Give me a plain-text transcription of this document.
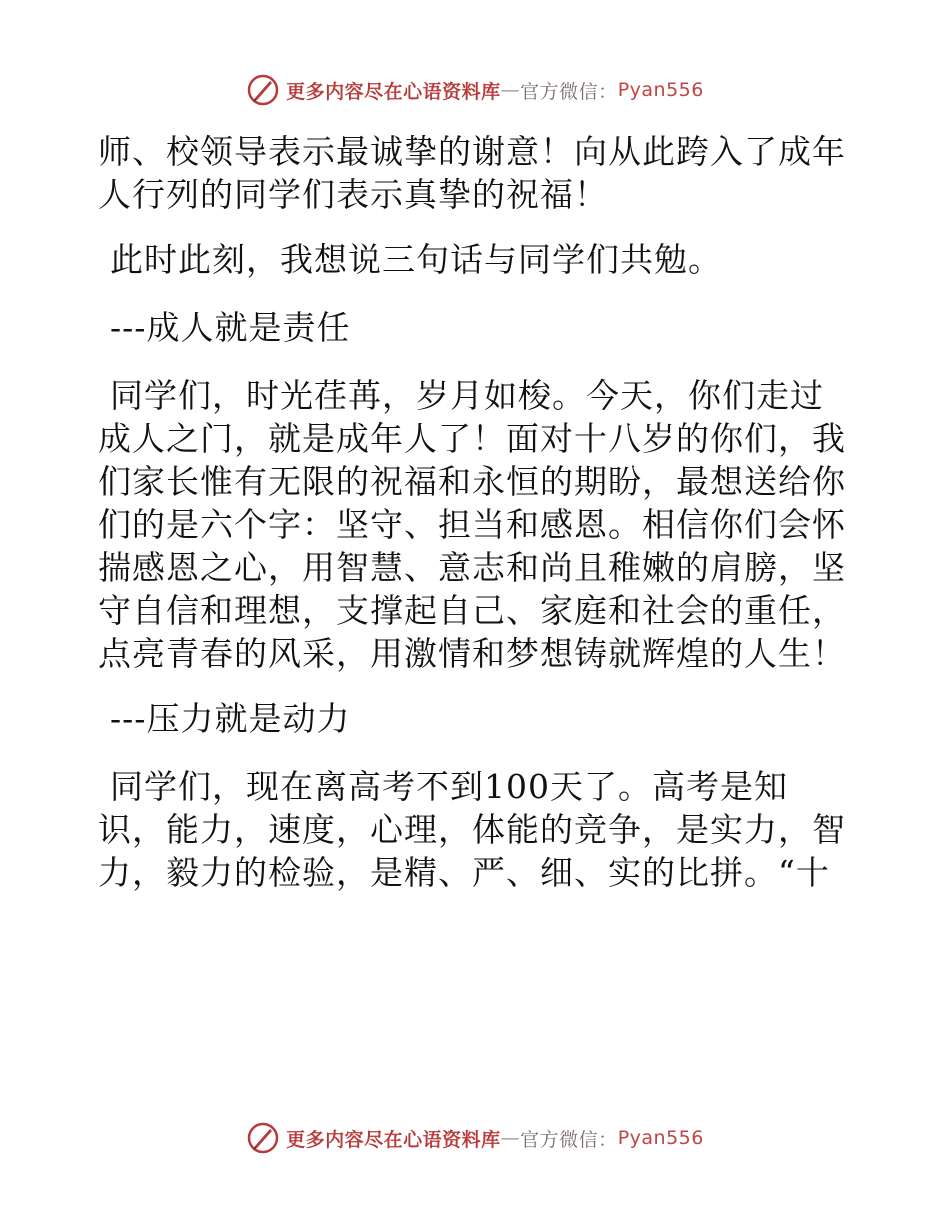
更多内容尽在心语资料库 — 官方微信： Pyan556
师、校领导表示最诚挚的谢意！向从此跨入了成年
人行列的同学们表示真挚的祝福！
此时此刻，我想说三句话与同学们共勉。
---成人就是责任
同学们，时光荏苒，岁月如梭。今天，你们走过
成人之门，就是成年人了！面对十八岁的你们，我
们家长惟有无限的祝福和永恒的期盼，最想送给你
们的是六个字：坚守、担当和感恩。相信你们会怀
揣感恩之心，用智慧、意志和尚且稚嫩的肩膀，坚
守自信和理想，支撑起自己、家庭和社会的重任，
点亮青春的风采，用激情和梦想铸就辉煌的人生！
---压力就是动力
同学们，现在离高考不到100天了。高考是知
识，能力，速度，心理，体能的竞争，是实力，智
力，毅力的检验，是精、严、细、实的比拼。“十
更多内容尽在心语资料库 — 官方微信： Pyan556
